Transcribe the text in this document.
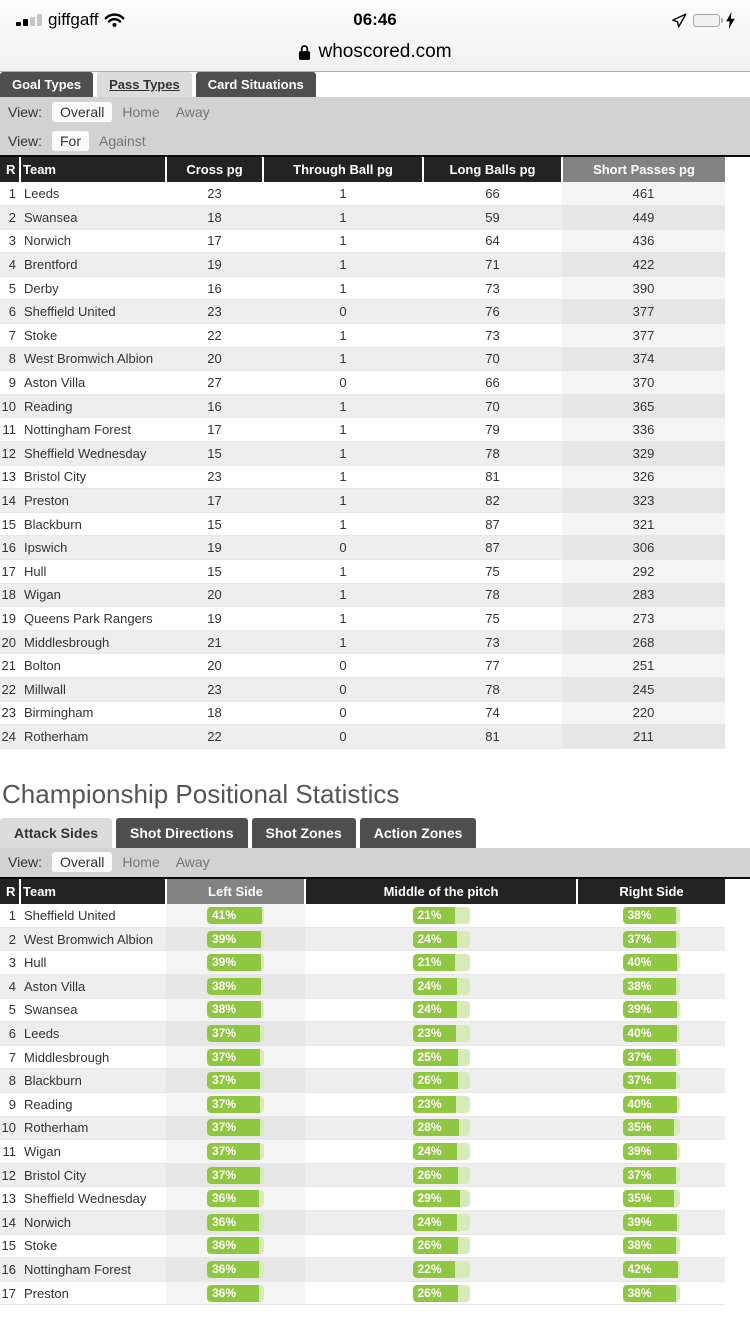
giffgaff	06:46
whoscored.com
Goal Types	Pass Types	Card Situations
View:	Overall	Home Away
View:	For	Against
R	Team	Cross pg	Through Ball pg	Long Balls pg	Short Passes pg
1	Leeds	23	1	66	461
2	Swansea	18	1	59	449
3	Norwich	17	1	64	436
4	Brentford	19	1	71	422
5	Derby	16	1	73	390
6	Sheffield United	23	0	76	377
7	Stoke	22	1	73	377
8	West Bromwich Albion	20	1	70	374
9	Aston Villa	27	0	66	370
10	Reading	16	1	70	365
11	Nottingham Forest	17	1	79	336
12	Sheffield Wednesday	15	1	78	329
13	Bristol City	23	1	81	326
14	Preston	17	1	82	323
15	Blackburn	15	1	87	321
16	Ipswich	19	0	87	306
17	Hull	15	1	75	292
18	Wigan	20	1	78	283
19	Queens Park Rangers	19	1	75	273
20	Middlesbrough	21	1	73	268
21	Bolton	20	0	77	251
22	Millwall	23	0	78	245
23	Birmingham	18	0	74	220
24	Rotherham	22	0	81	211
Championship Positional Statistics
Attack Sides	Shot Directions	Shot Zones	Action Zones
View:	Overall	Home Away
R	Team	Left Side	Middle of the pitch	Right Side
1	Sheffield United	41%	21%	38%

2	West Bromwich Albion	39%	24%	37%

3	Hull	39%	21%	40%

4	Aston Villa	38%	24%	38%

5	Swansea	38%	24%	39%

6	Leeds	37%	23%	40%

7	Middlesbrough	37%	25%	37%

8	Blackburn	37%	26%	37%

9	Reading	37%	23%	40%

10	Rotherham	37%	28%	35%

11	Wigan	37%	24%	39%

12	Bristol City	37%	26%	37%

13	Sheffield Wednesday	36%	29%	35%

14	Norwich	36%	24%	39%

15	Stoke	36%	26%	38%

16	Nottingham Forest	36%	22%	42%

17	Preston	36%	26%	38%
